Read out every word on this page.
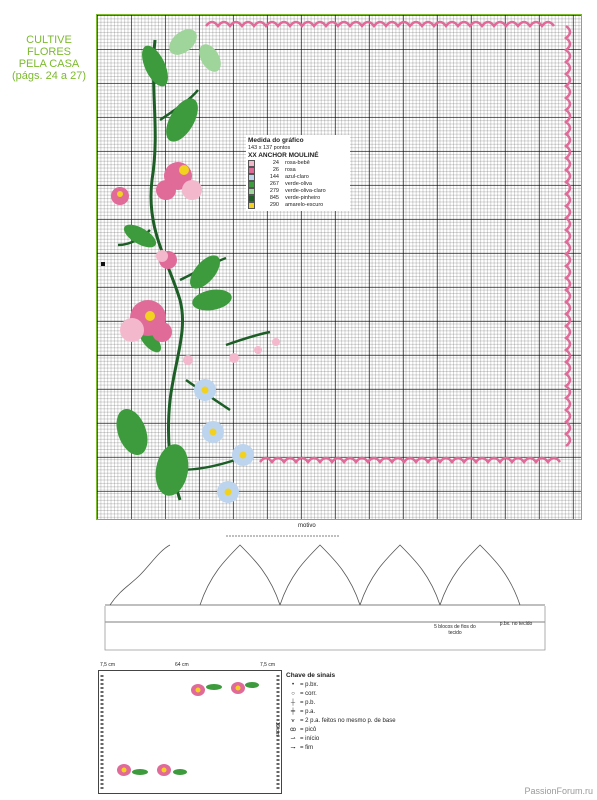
CULTIVE
FLORES
PELA CASA
(págs. 24 a 27)
Medida do gráfico
143 x 137 pontos
XX ANCHOR MOULINÉ
24 rosa-bebê
26 rosa
144 azul-claro
267 verde-oliva
279 verde-oliva-claro
845 verde-pinheiro
290 amarelo-escuro
motivo
5 blocos de fios do tecido
p.bx. no tecido
7,5 cm	64 cm	7,5 cm
39 cm
Chave de sinais
• = p.bx.
○ = corr.
┼ = p.b.
╪ = p.a.
⩛ = 2 p.a. feitos no mesmo p. de base
ꝏ = picô
⇀ = início
⇁ = fim
PassionForum.ru
